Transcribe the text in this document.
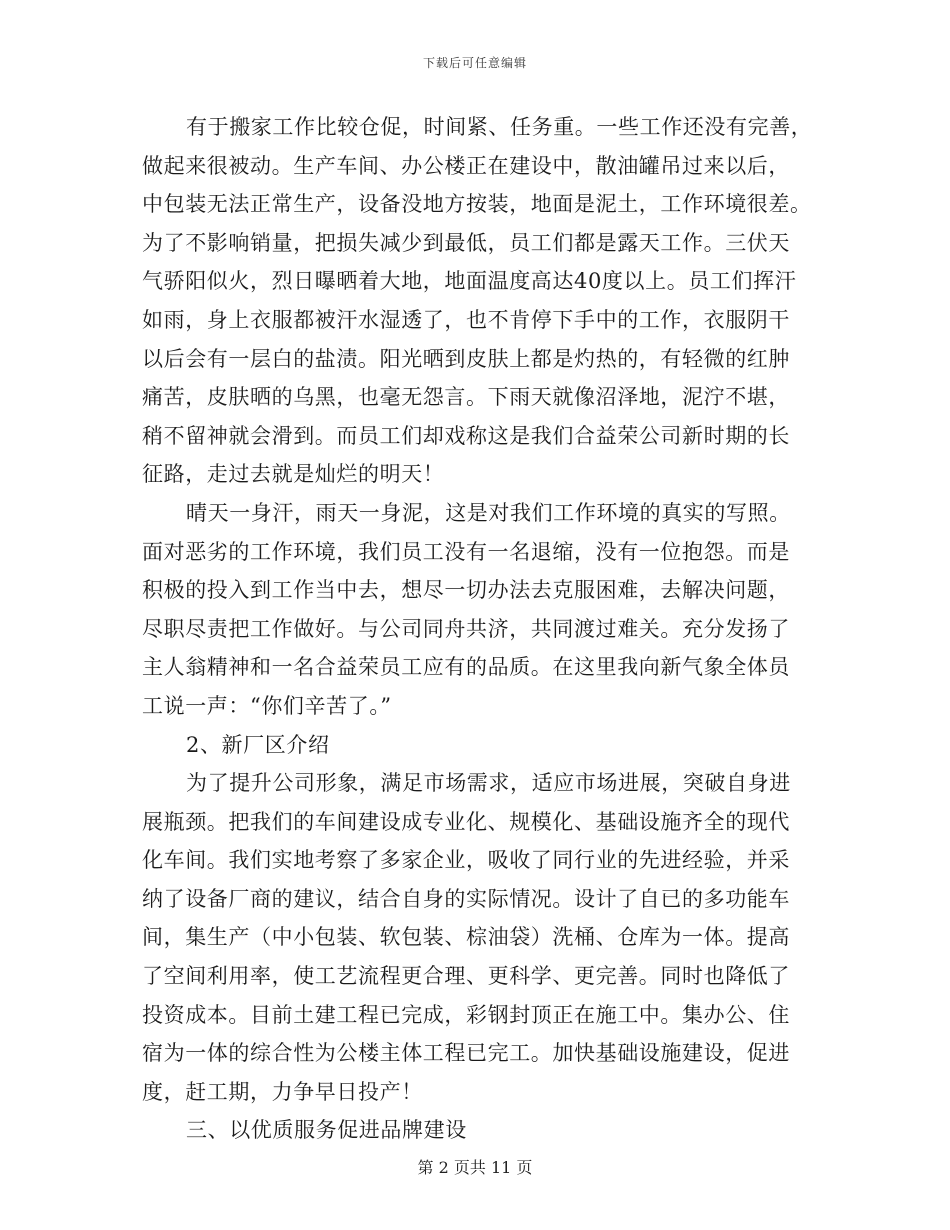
下载后可任意编辑
有于搬家工作比较仓促，时间紧、任务重。一些工作还没有完善，
做起来很被动。生产车间、办公楼正在建设中，散油罐吊过来以后，
中包装无法正常生产，设备没地方按装，地面是泥土，工作环境很差。
为了不影响销量，把损失减少到最低，员工们都是露天工作。三伏天
气骄阳似火，烈日曝晒着大地，地面温度高达40度以上。员工们挥汗
如雨，身上衣服都被汗水湿透了，也不肯停下手中的工作，衣服阴干
以后会有一层白的盐渍。阳光晒到皮肤上都是灼热的，有轻微的红肿
痛苦，皮肤晒的乌黑，也毫无怨言。下雨天就像沼泽地，泥泞不堪，
稍不留神就会滑到。而员工们却戏称这是我们合益荣公司新时期的长
征路，走过去就是灿烂的明天！
晴天一身汗，雨天一身泥，这是对我们工作环境的真实的写照。
面对恶劣的工作环境，我们员工没有一名退缩，没有一位抱怨。而是
积极的投入到工作当中去，想尽一切办法去克服困难，去解决问题，
尽职尽责把工作做好。与公司同舟共济，共同渡过难关。充分发扬了
主人翁精神和一名合益荣员工应有的品质。在这里我向新气象全体员
工说一声：“你们辛苦了。”
2、新厂区介绍
为了提升公司形象，满足市场需求，适应市场进展，突破自身进
展瓶颈。把我们的车间建设成专业化、规模化、基础设施齐全的现代
化车间。我们实地考察了多家企业，吸收了同行业的先进经验，并采
纳了设备厂商的建议，结合自身的实际情况。设计了自已的多功能车
间，集生产（中小包装、软包装、棕油袋）洗桶、仓库为一体。提高
了空间利用率，使工艺流程更合理、更科学、更完善。同时也降低了
投资成本。目前土建工程已完成，彩钢封顶正在施工中。集办公、住
宿为一体的综合性为公楼主体工程已完工。加快基础设施建设，促进
度，赶工期，力争早日投产！
三、以优质服务促进品牌建设
第 2 页共 11 页
